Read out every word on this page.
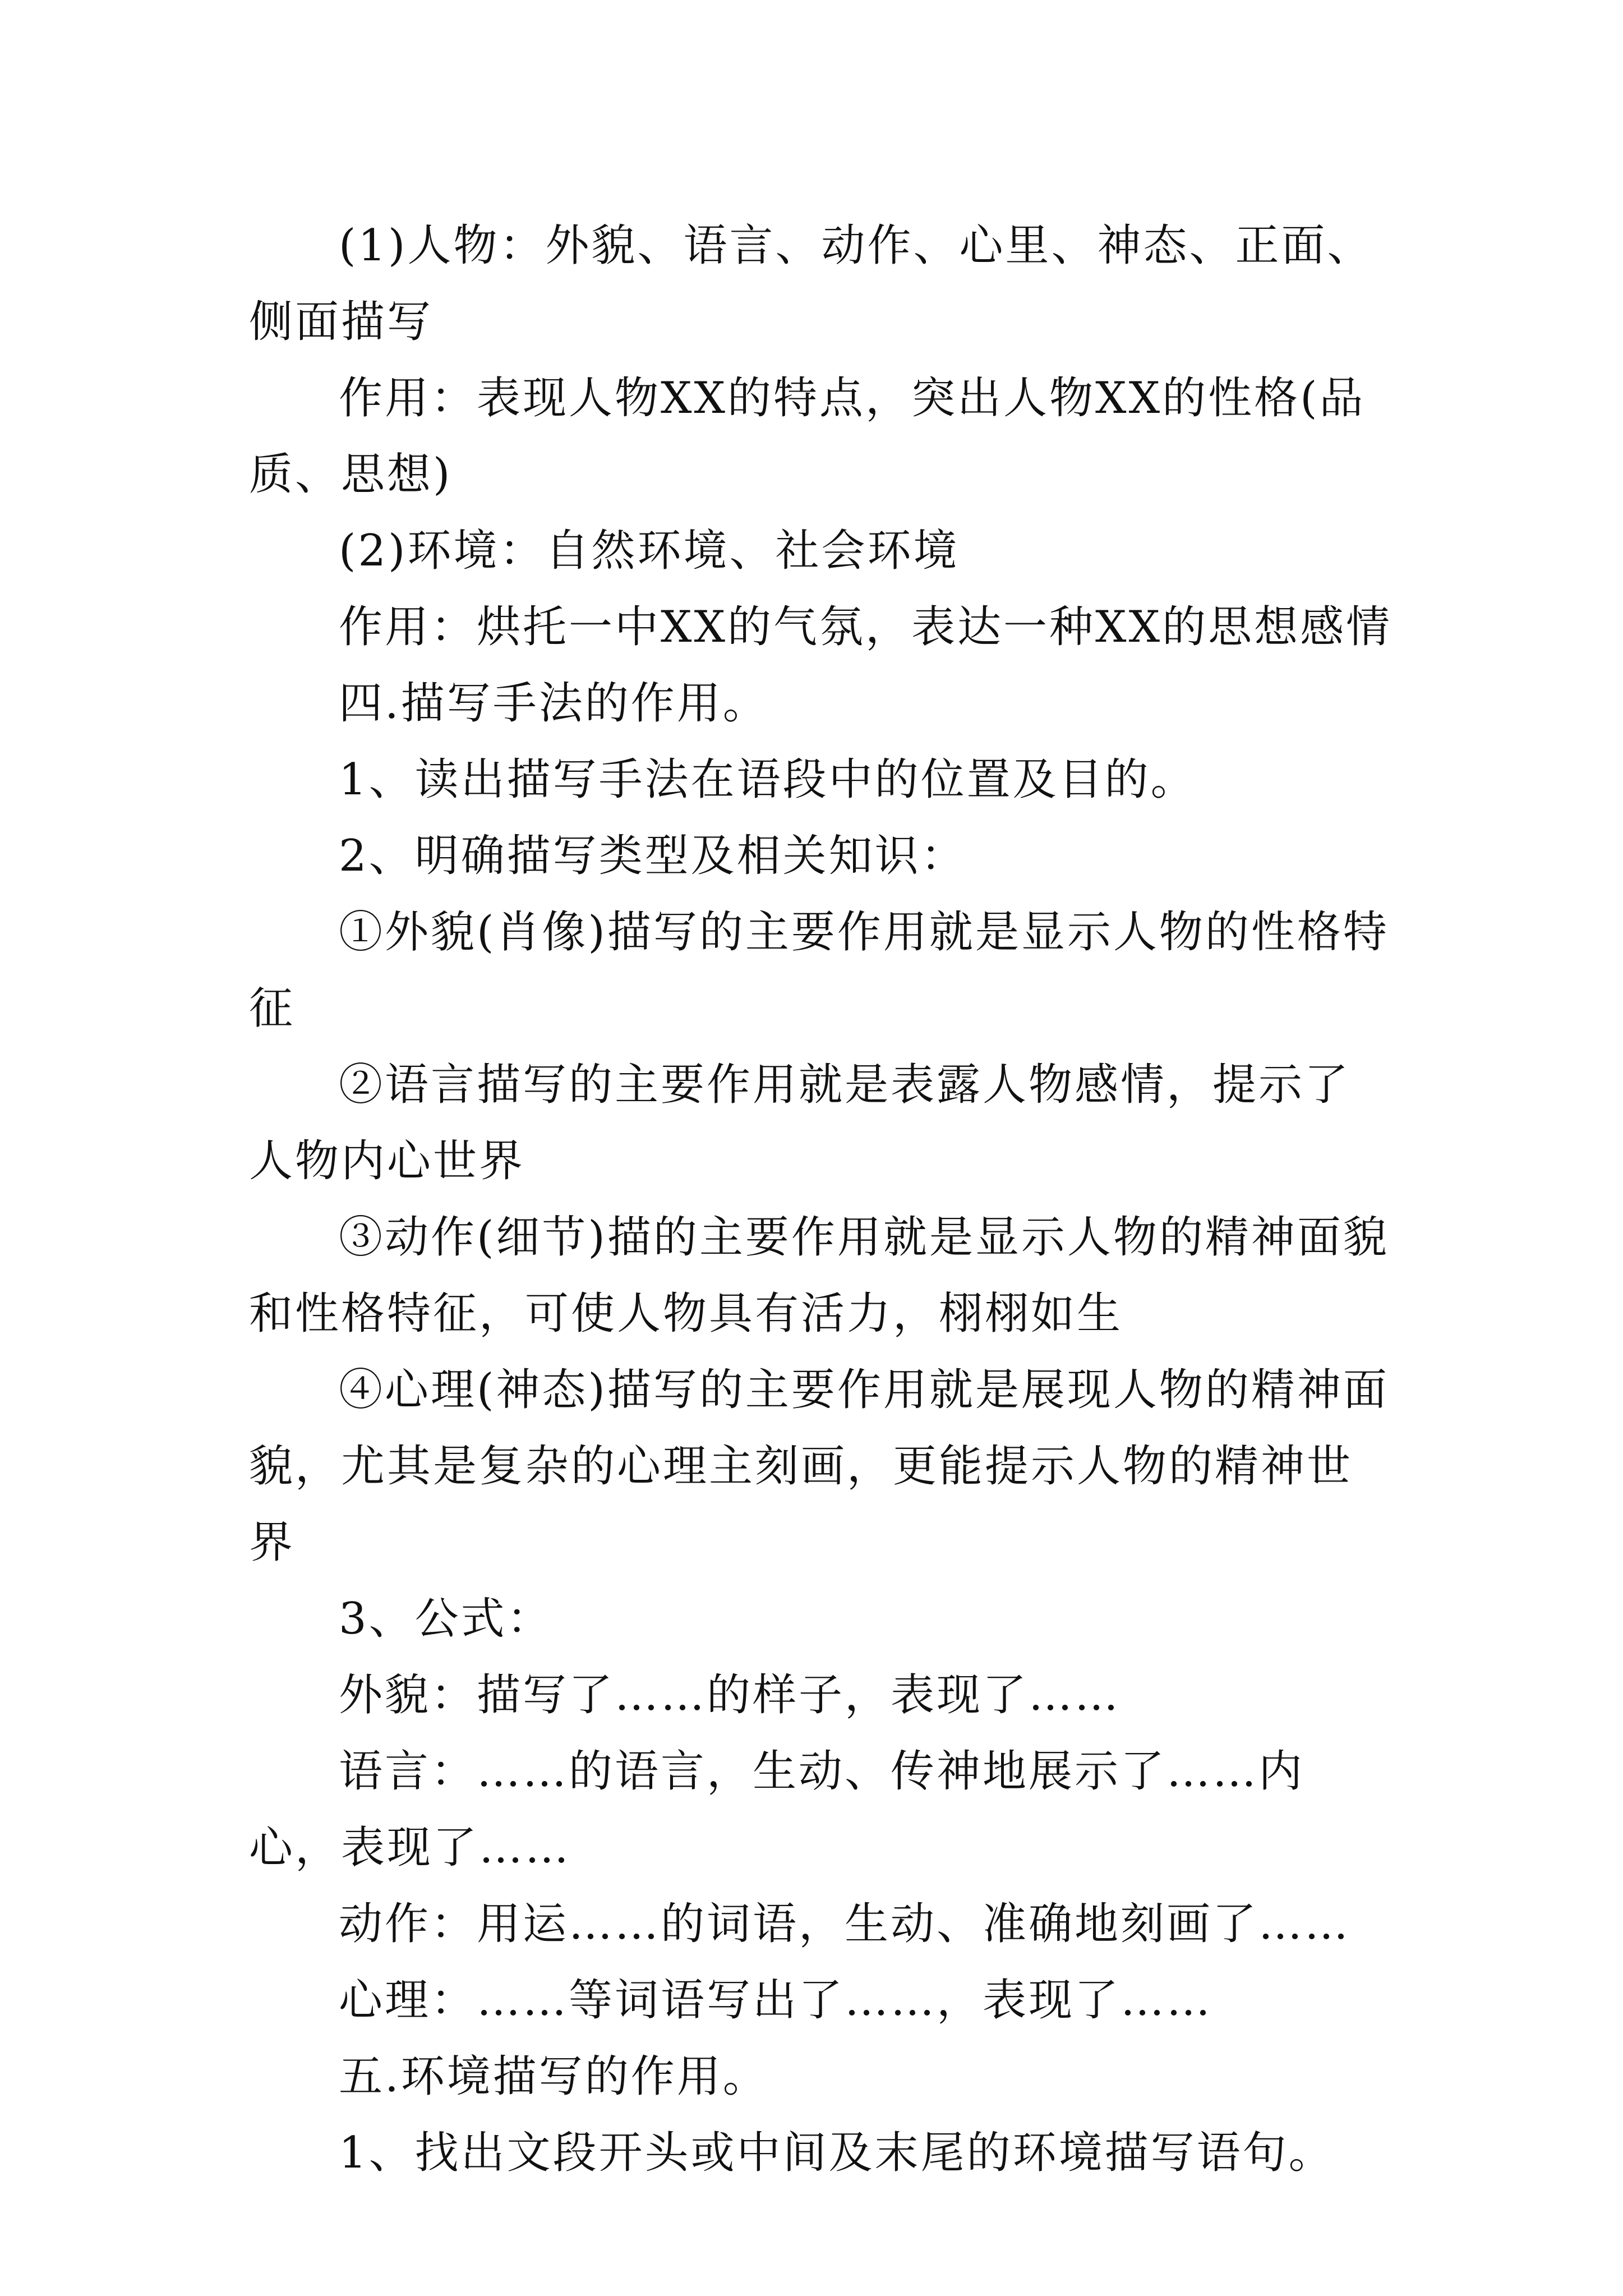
(1)人物：外貌、语言、动作、心里、神态、正面、侧面描写

作用：表现人物XX的特点，突出人物XX的性格(品质、思想)

(2)环境：自然环境、社会环境

作用：烘托一中XX的气氛，表达一种XX的思想感情

四.描写手法的作用。

1、读出描写手法在语段中的位置及目的。

2、明确描写类型及相关知识：

①外貌(肖像)描写的主要作用就是显示人物的性格特征

②语言描写的主要作用就是表露人物感情，提示了人物内心世界

③动作(细节)描的主要作用就是显示人物的精神面貌和性格特征，可使人物具有活力，栩栩如生

④心理(神态)描写的主要作用就是展现人物的精神面貌，尤其是复杂的心理主刻画，更能提示人物的精神世界

3、公式：

外貌：描写了……的样子，表现了……

语言：……的语言，生动、传神地展示了……内心，表现了……

动作：用运……的词语，生动、准确地刻画了……

心理：……等词语写出了……，表现了……

五.环境描写的作用。

1、找出文段开头或中间及末尾的环境描写语句。
